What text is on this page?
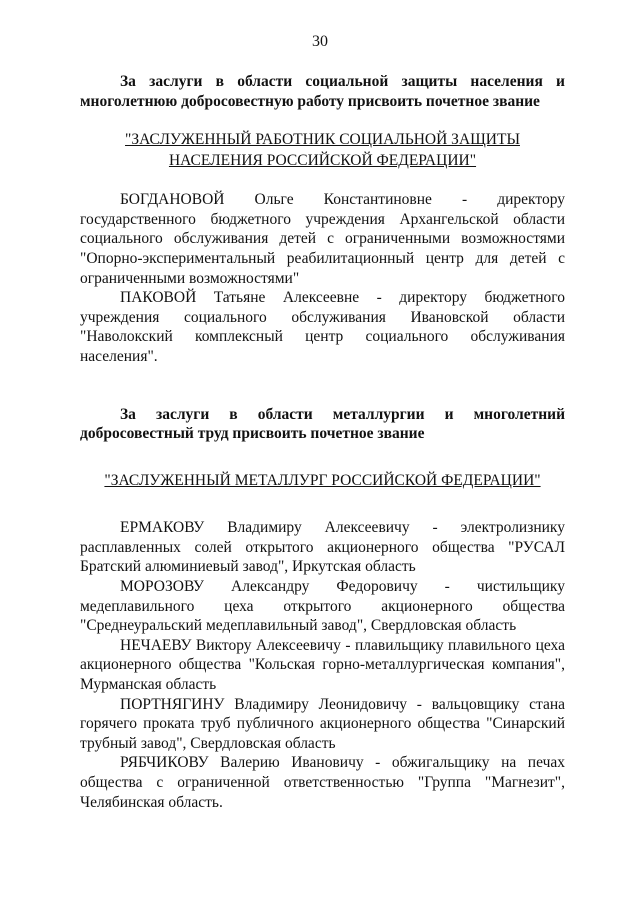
30

За заслуги в области социальной защиты населения и многолетнюю добросовестную работу присвоить почетное звание

"ЗАСЛУЖЕННЫЙ РАБОТНИК СОЦИАЛЬНОЙ ЗАЩИТЫ
НАСЕЛЕНИЯ РОССИЙСКОЙ ФЕДЕРАЦИИ"

БОГДАНОВОЙ Ольге Константиновне - директору государственного бюджетного учреждения Архангельской области социального обслуживания детей с ограниченными возможностями "Опорно-экспериментальный реабилитационный центр для детей с ограниченными возможностями"

ПАКОВОЙ Татьяне Алексеевне - директору бюджетного учреждения социального обслуживания Ивановской области "Наволокский комплексный центр социального обслуживания населения".

За заслуги в области металлургии и многолетний добросовестный труд присвоить почетное звание

"ЗАСЛУЖЕННЫЙ МЕТАЛЛУРГ РОССИЙСКОЙ ФЕДЕРАЦИИ"

ЕРМАКОВУ Владимиру Алексеевичу - электролизнику расплавленных солей открытого акционерного общества "РУСАЛ Братский алюминиевый завод", Иркутская область

МОРОЗОВУ Александру Федоровичу - чистильщику медеплавильного цеха открытого акционерного общества "Среднеуральский медеплавильный завод", Свердловская область

НЕЧАЕВУ Виктору Алексеевичу - плавильщику плавильного цеха акционерного общества "Кольская горно-металлургическая компания", Мурманская область

ПОРТНЯГИНУ Владимиру Леонидовичу - вальцовщику стана горячего проката труб публичного акционерного общества "Синарский трубный завод", Свердловская область

РЯБЧИКОВУ Валерию Ивановичу - обжигальщику на печах общества с ограниченной ответственностью "Группа "Магнезит", Челябинская область.
